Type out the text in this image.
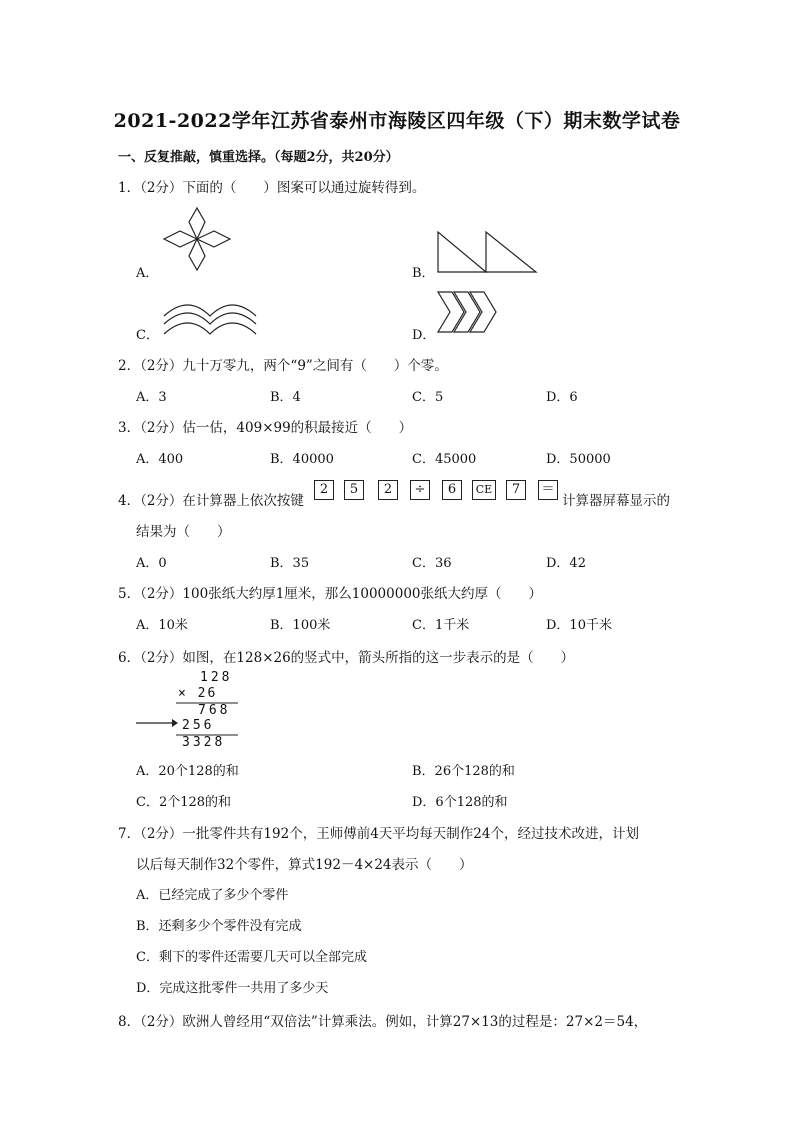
2021-2022学年江苏省泰州市海陵区四年级（下）期末数学试卷
一、反复推敲，慎重选择。（每题2分，共20分）
1．（2分）下面的（　　）图案可以通过旋转得到。
A．	B．
C．	D．
2．（2分）九十万零九，两个“9”之间有（　　）个零。
A．3	B．4	C．5	D．6
3．（2分）估一估，409×99的积最接近（　　）
A．400	B．40000	C．45000	D．50000
4．（2分）在计算器上依次按键
2	5	2	÷	6	CE	7	＝
计算器屏幕显示的
结果为（　　）
A．0	B．35	C．36	D．42
5．（2分）100张纸大约厚1厘米，那么10000000张纸大约厚（　　）
A．10米	B．100米	C．1千米	D．10千米
6．（2分）如图，在128×26的竖式中，箭头所指的这一步表示的是（　　）
128
× 26
768
256
3328
A．20个128的和	B．26个128的和
C．2个128的和	D．6个128的和
7．（2分）一批零件共有192个，王师傅前4天平均每天制作24个，经过技术改进，计划
以后每天制作32个零件，算式192－4×24表示（　　）
A．已经完成了多少个零件
B．还剩多少个零件没有完成
C．剩下的零件还需要几天可以全部完成
D．完成这批零件一共用了多少天
8．（2分）欧洲人曾经用“双倍法”计算乘法。例如，计算27×13的过程是：27×2＝54，
